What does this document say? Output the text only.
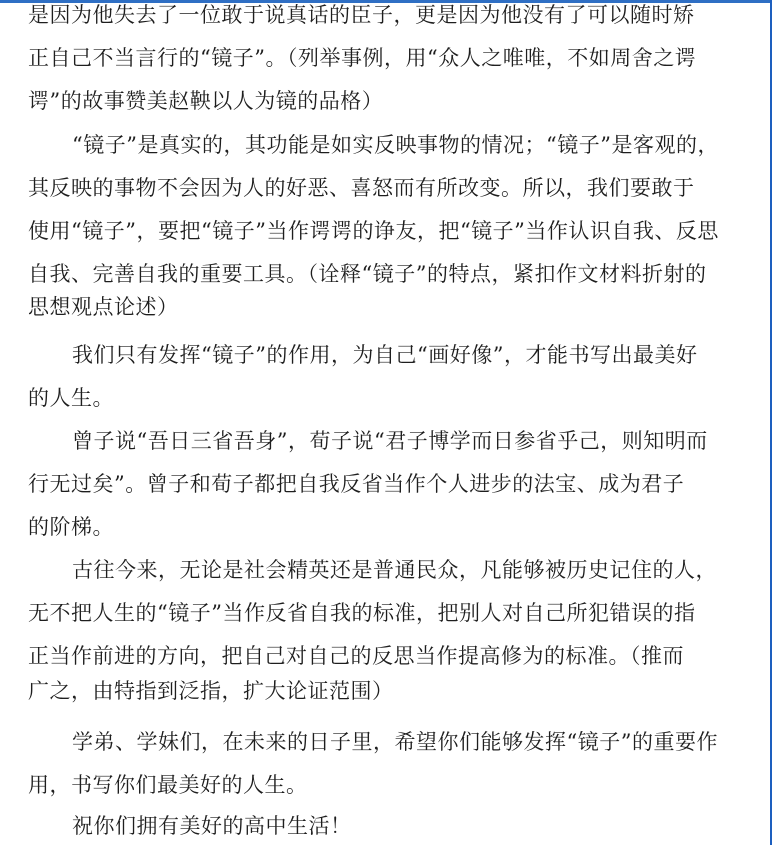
是因为他失去了一位敢于说真话的臣子，更是因为他没有了可以随时矫
正自己不当言行的“镜子”。（列举事例，用“众人之唯唯，不如周舍之谔
谔”的故事赞美赵鞅以人为镜的品格）
“镜子”是真实的，其功能是如实反映事物的情况；“镜子”是客观的，
其反映的事物不会因为人的好恶、喜怒而有所改变。所以，我们要敢于
使用“镜子”，要把“镜子”当作谔谔的诤友，把“镜子”当作认识自我、反思
自我、完善自我的重要工具。（诠释“镜子”的特点，紧扣作文材料折射的
思想观点论述）
我们只有发挥“镜子”的作用，为自己“画好像”，才能书写出最美好
的人生。
曾子说“吾日三省吾身”，荀子说“君子博学而日参省乎己，则知明而
行无过矣”。曾子和荀子都把自我反省当作个人进步的法宝、成为君子
的阶梯。
古往今来，无论是社会精英还是普通民众，凡能够被历史记住的人，
无不把人生的“镜子”当作反省自我的标准，把别人对自己所犯错误的指
正当作前进的方向，把自己对自己的反思当作提高修为的标准。（推而
广之，由特指到泛指，扩大论证范围）
学弟、学妹们，在未来的日子里，希望你们能够发挥“镜子”的重要作
用，书写你们最美好的人生。
祝你们拥有美好的高中生活！
